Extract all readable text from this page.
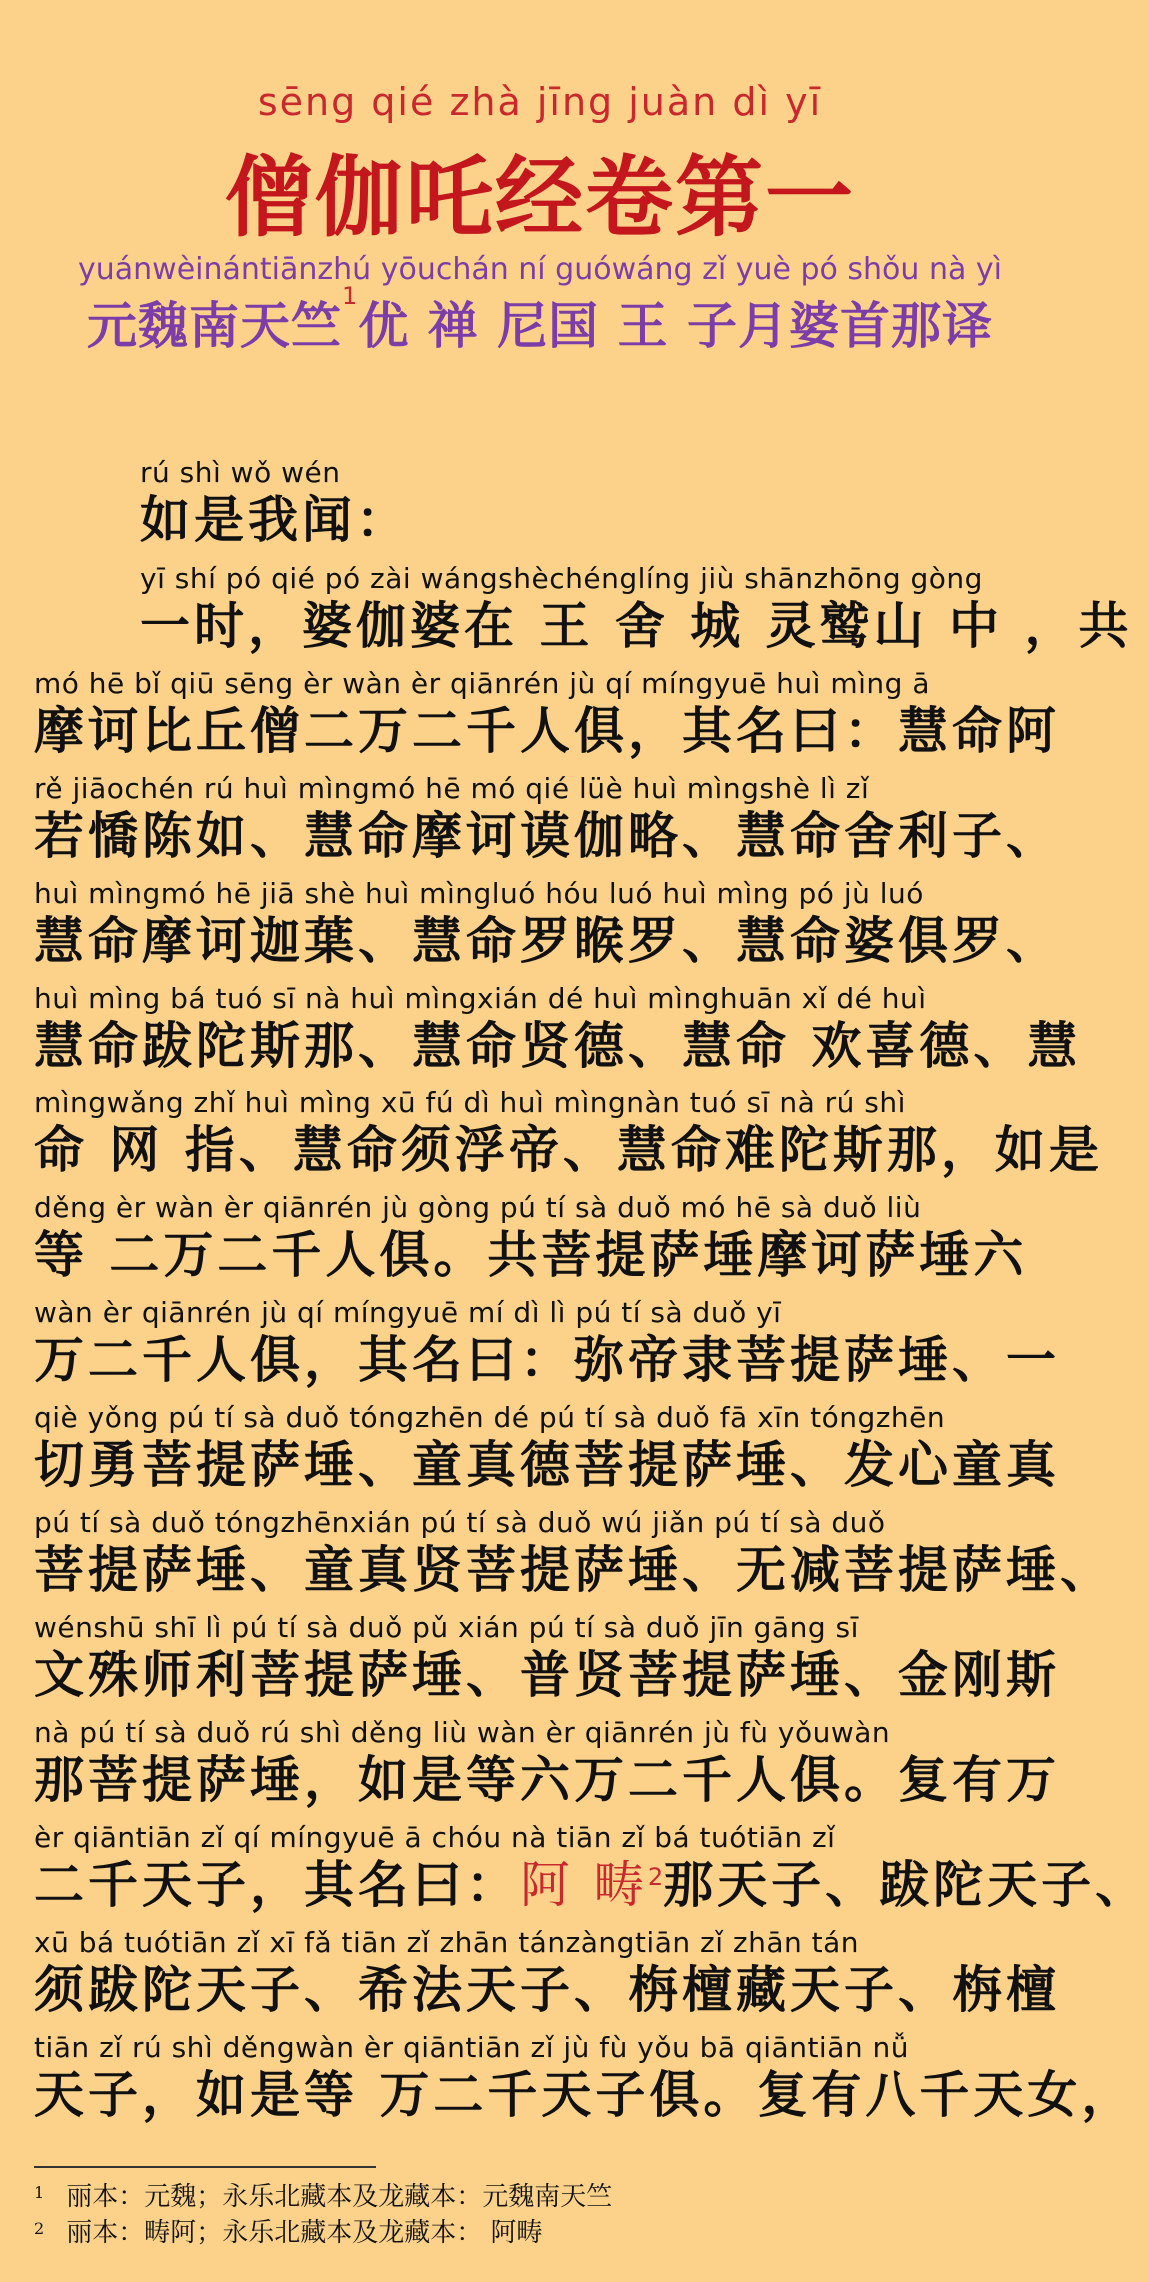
sēng qié zhà jīng juàn dì yī
僧伽吒经卷第一
yuánwèinántiānzhú yōuchán ní guówáng zǐ yuè pó shǒu nà yì
元魏南天竺$^1$优 禅 尼国 王 子月婆首那译
rú shì wǒ wén
如是我闻：
yī shí pó qié pó zài wángshèchénglíng jiù shānzhōng gòng
一时，婆伽婆在 王 舍 城 灵鹫山 中 ，共
mó hē bǐ qiū sēng èr wàn èr qiānrén jù qí míngyuē huì mìng ā
摩诃比丘僧二万二千人俱，其名曰：慧命阿
rě jiāochén rú huì mìngmó hē mó qié lüè huì mìngshè lì zǐ
若憍陈如、慧命摩诃谟伽略、慧命舍利子、
huì mìngmó hē jiā shè huì mìngluó hóu luó huì mìng pó jù luó
慧命摩诃迦葉、慧命罗睺罗、慧命婆俱罗、
huì mìng bá tuó sī nà huì mìngxián dé huì mìnghuān xǐ dé huì
慧命跋陀斯那、慧命贤德、慧命 欢喜德、慧
mìngwǎng zhǐ huì mìng xū fú dì huì mìngnàn tuó sī nà rú shì
命 网 指、慧命须浮帝、慧命难陀斯那，如是
děng èr wàn èr qiānrén jù gòng pú tí sà duǒ mó hē sà duǒ liù
等 二万二千人俱。共菩提萨埵摩诃萨埵六
wàn èr qiānrén jù qí míngyuē mí dì lì pú tí sà duǒ yī
万二千人俱，其名曰：弥帝隶菩提萨埵、一
qiè yǒng pú tí sà duǒ tóngzhēn dé pú tí sà duǒ fā xīn tóngzhēn
切勇菩提萨埵、童真德菩提萨埵、发心童真
pú tí sà duǒ tóngzhēnxián pú tí sà duǒ wú jiǎn pú tí sà duǒ
菩提萨埵、童真贤菩提萨埵、无减菩提萨埵、
wénshū shī lì pú tí sà duǒ pǔ xián pú tí sà duǒ jīn gāng sī
文殊师利菩提萨埵、普贤菩提萨埵、金刚斯
nà pú tí sà duǒ rú shì děng liù wàn èr qiānrén jù fù yǒuwàn
那菩提萨埵，如是等六万二千人俱。复有万
èr qiāntiān zǐ qí míngyuē ā chóu nà tiān zǐ bá tuótiān zǐ
二千天子，其名曰：阿 畴$^2$那天子、跋陀天子、
xū bá tuótiān zǐ xī fǎ tiān zǐ zhān tánzàngtiān zǐ zhān tán
须跋陀天子、希法天子、栴檀藏天子、栴檀
tiān zǐ rú shì děngwàn èr qiāntiān zǐ jù fù yǒu bā qiāntiān nǚ
天子，如是等 万二千天子俱。复有八千天女，
$^1$ 丽本：元魏；永乐北藏本及龙藏本：元魏南天竺
$^2$ 丽本：畴阿；永乐北藏本及龙藏本： 阿畴
